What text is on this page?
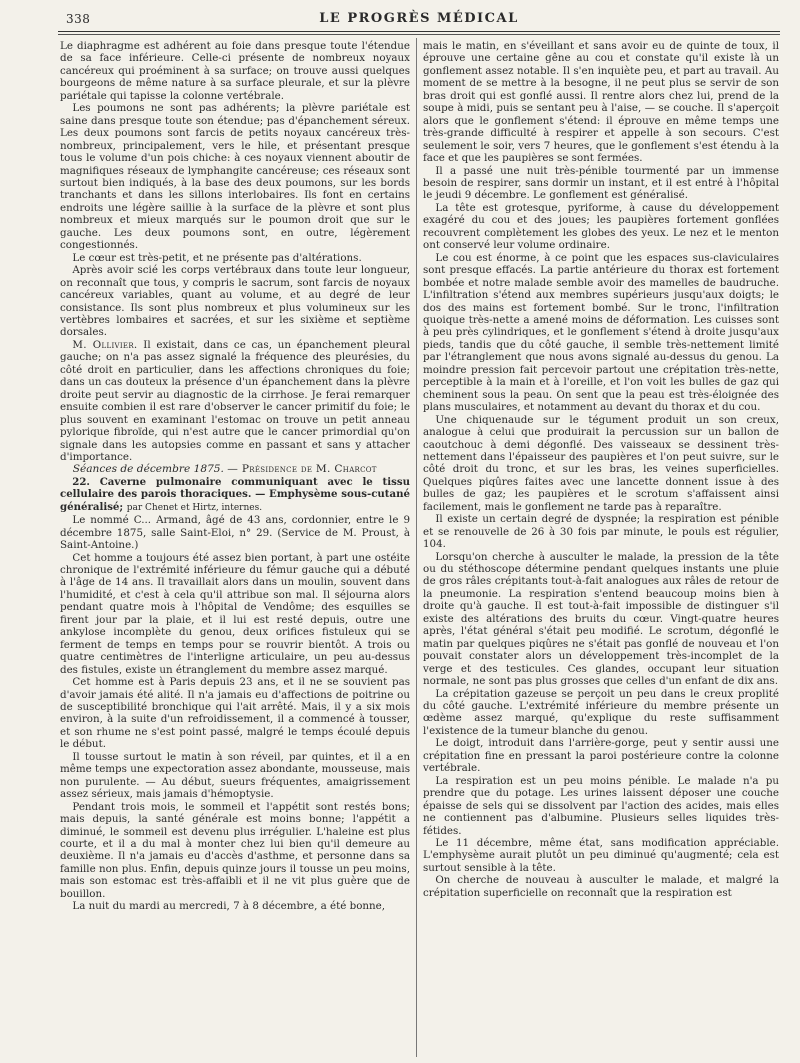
338	LE PROGRÈS MÉDICAL

Le diaphragme est adhérent au foie dans presque toute l'étendue de sa face inférieure. Celle-ci présente de nombreux noyaux cancéreux qui proéminent à sa surface; on trouve aussi quelques bourgeons de même nature à sa surface pleurale, et sur la plèvre pariétale qui tapisse la colonne vertébrale.

Les poumons ne sont pas adhérents; la plèvre pariétale est saine dans presque toute son étendue; pas d'épanchement séreux. Les deux poumons sont farcis de petits noyaux cancéreux très-nombreux, principalement, vers le hile, et présentant presque tous le volume d'un pois chiche: à ces noyaux viennent aboutir de magnifiques réseaux de lymphangite cancéreuse; ces réseaux sont surtout bien indiqués, à la base des deux poumons, sur les bords tranchants et dans les sillons interlobaires. Ils font en certains endroits une légère saillie à la surface de la plèvre et sont plus nombreux et mieux marqués sur le poumon droit que sur le gauche. Les deux poumons sont, en outre, légèrement congestionnés.

Le cœur est très-petit, et ne présente pas d'altérations.

Après avoir scié les corps vertébraux dans toute leur longueur, on reconnaît que tous, y compris le sacrum, sont farcis de noyaux cancéreux variables, quant au volume, et au degré de leur consistance. Ils sont plus nombreux et plus volumineux sur les vertèbres lombaires et sacrées, et sur les sixième et septième dorsales.

M. Ollivier. Il existait, dans ce cas, un épanchement pleural gauche; on n'a pas assez signalé la fréquence des pleurésies, du côté droit en particulier, dans les affections chroniques du foie; dans un cas douteux la présence d'un épanchement dans la plèvre droite peut servir au diagnostic de la cirrhose. Je ferai remarquer ensuite combien il est rare d'observer le cancer primitif du foie; le plus souvent en examinant l'estomac on trouve un petit anneau pylorique fibroïde, qui n'est autre que le cancer primordial qu'on signale dans les autopsies comme en passant et sans y attacher d'importance.

Séances de décembre 1875. — Présidence de M. Charcot

22. Caverne pulmonaire communiquant avec le tissu cellulaire des parois thoraciques. — Emphysème sous-cutané généralisé; par Chenet et Hirtz, internes.

Le nommé C... Armand, âgé de 43 ans, cordonnier, entre le 9 décembre 1875, salle Saint-Eloi, n° 29. (Service de M. Proust, à Saint-Antoine.)

Cet homme a toujours été assez bien portant, à part une ostéite chronique de l'extrémité inférieure du fémur gauche qui a débuté à l'âge de 14 ans. Il travaillait alors dans un moulin, souvent dans l'humidité, et c'est à cela qu'il attribue son mal. Il séjourna alors pendant quatre mois à l'hôpital de Vendôme; des esquilles se firent jour par la plaie, et il lui est resté depuis, outre une ankylose incomplète du genou, deux orifices fistuleux qui se ferment de temps en temps pour se rouvrir bientôt. A trois ou quatre centimètres de l'interligne articulaire, un peu au-dessus des fistules, existe un étranglement du membre assez marqué.

Cet homme est à Paris depuis 23 ans, et il ne se souvient pas d'avoir jamais été alité. Il n'a jamais eu d'affections de poitrine ou de susceptibilité bronchique qui l'ait arrêté. Mais, il y a six mois environ, à la suite d'un refroidissement, il a commencé à tousser, et son rhume ne s'est point passé, malgré le temps écoulé depuis le début.

Il tousse surtout le matin à son réveil, par quintes, et il a en même temps une expectoration assez abondante, mousseuse, mais non purulente. — Au début, sueurs fréquentes, amaigrissement assez sérieux, mais jamais d'hémoptysie.

Pendant trois mois, le sommeil et l'appétit sont restés bons; mais depuis, la santé générale est moins bonne; l'appétit a diminué, le sommeil est devenu plus irrégulier. L'haleine est plus courte, et il a du mal à monter chez lui bien qu'il demeure au deuxième. Il n'a jamais eu d'accès d'asthme, et personne dans sa famille non plus. Enfin, depuis quinze jours il tousse un peu moins, mais son estomac est très-affaibli et il ne vit plus guère que de bouillon.

La nuit du mardi au mercredi, 7 à 8 décembre, a été bonne,

mais le matin, en s'éveillant et sans avoir eu de quinte de toux, il éprouve une certaine gêne au cou et constate qu'il existe là un gonflement assez notable. Il s'en inquiète peu, et part au travail. Au moment de se mettre à la besogne, il ne peut plus se servir de son bras droit qui est gonflé aussi. Il rentre alors chez lui, prend de la soupe à midi, puis se sentant peu à l'aise, — se couche. Il s'aperçoit alors que le gonflement s'étend: il éprouve en même temps une très-grande difficulté à respirer et appelle à son secours. C'est seulement le soir, vers 7 heures, que le gonflement s'est étendu à la face et que les paupières se sont fermées.

Il a passé une nuit très-pénible tourmenté par un immense besoin de respirer, sans dormir un instant, et il est entré à l'hôpital le jeudi 9 décembre. Le gonflement est généralisé.

La tête est grotesque, pyriforme, à cause du développement exagéré du cou et des joues; les paupières fortement gonflées recouvrent complètement les globes des yeux. Le nez et le menton ont conservé leur volume ordinaire.

Le cou est énorme, à ce point que les espaces sus-claviculaires sont presque effacés. La partie antérieure du thorax est fortement bombée et notre malade semble avoir des mamelles de baudruche. L'infiltration s'étend aux membres supérieurs jusqu'aux doigts; le dos des mains est fortement bombé. Sur le tronc, l'infiltration quoique très-nette a amené moins de déformation. Les cuisses sont à peu près cylindriques, et le gonflement s'étend à droite jusqu'aux pieds, tandis que du côté gauche, il semble très-nettement limité par l'étranglement que nous avons signalé au-dessus du genou. La moindre pression fait percevoir partout une crépitation très-nette, perceptible à la main et à l'oreille, et l'on voit les bulles de gaz qui cheminent sous la peau. On sent que la peau est très-éloignée des plans musculaires, et notamment au devant du thorax et du cou.

Une chiquenaude sur le tégument produit un son creux, analogue à celui que produirait la percussion sur un ballon de caoutchouc à demi dégonflé. Des vaisseaux se dessinent très-nettement dans l'épaisseur des paupières et l'on peut suivre, sur le côté droit du tronc, et sur les bras, les veines superficielles. Quelques piqûres faites avec une lancette donnent issue à des bulles de gaz; les paupières et le scrotum s'affaissent ainsi facilement, mais le gonflement ne tarde pas à reparaître.

Il existe un certain degré de dyspnée; la respiration est pénible et se renouvelle de 26 à 30 fois par minute, le pouls est régulier, 104.

Lorsqu'on cherche à ausculter le malade, la pression de la tête ou du stéthoscope détermine pendant quelques instants une pluie de gros râles crépitants tout-à-fait analogues aux râles de retour de la pneumonie. La respiration s'entend beaucoup moins bien à droite qu'à gauche. Il est tout-à-fait impossible de distinguer s'il existe des altérations des bruits du cœur. Vingt-quatre heures après, l'état général s'était peu modifié. Le scrotum, dégonflé le matin par quelques piqûres ne s'était pas gonflé de nouveau et l'on pouvait constater alors un développement très-incomplet de la verge et des testicules. Ces glandes, occupant leur situation normale, ne sont pas plus grosses que celles d'un enfant de dix ans.

La crépitation gazeuse se perçoit un peu dans le creux proplité du côté gauche. L'extrémité inférieure du membre présente un œdème assez marqué, qu'explique du reste suffisamment l'existence de la tumeur blanche du genou.

Le doigt, introduit dans l'arrière-gorge, peut y sentir aussi une crépitation fine en pressant la paroi postérieure contre la colonne vertébrale.

La respiration est un peu moins pénible. Le malade n'a pu prendre que du potage. Les urines laissent déposer une couche épaisse de sels qui se dissolvent par l'action des acides, mais elles ne contiennent pas d'albumine. Plusieurs selles liquides très-fétides.

Le 11 décembre, même état, sans modification appréciable. L'emphysème aurait plutôt un peu diminué qu'augmenté; cela est surtout sensible à la tête.

On cherche de nouveau à ausculter le malade, et malgré la crépitation superficielle on reconnaît que la respiration est
